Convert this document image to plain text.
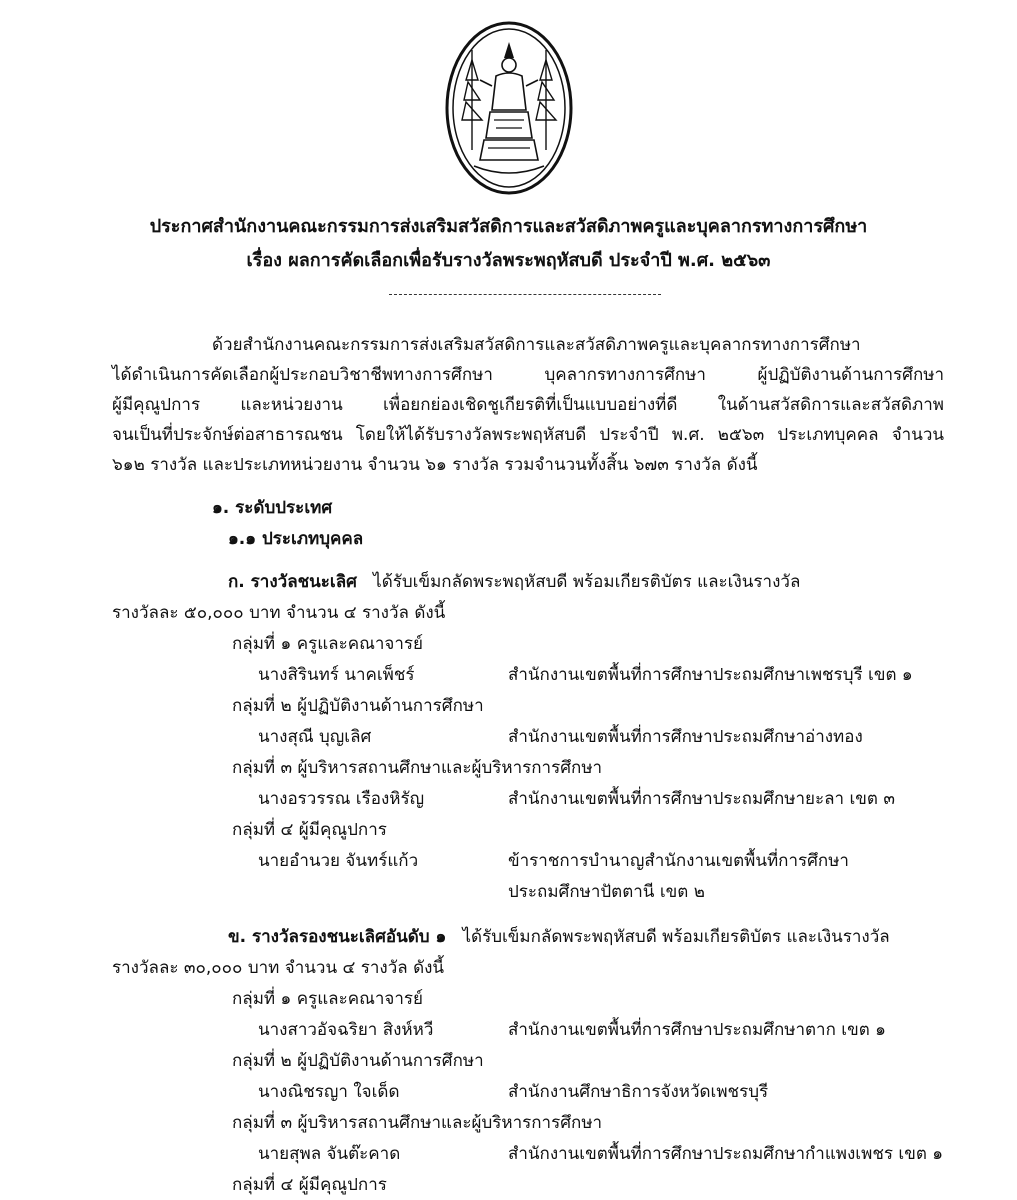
ประกาศสำนักงานคณะกรรมการส่งเสริมสวัสดิการและสวัสดิภาพครูและบุคลากรทางการศึกษา
เรื่อง ผลการคัดเลือกเพื่อรับรางวัลพระพฤหัสบดี ประจำปี พ.ศ. ๒๕๖๓
ด้วยสำนักงานคณะกรรมการส่งเสริมสวัสดิการและสวัสดิภาพครูและบุคลากรทางการศึกษา
ได้ดำเนินการคัดเลือกผู้ประกอบวิชาชีพทางการศึกษา บุคลากรทางการศึกษา ผู้ปฏิบัติงานด้านการศึกษา
ผู้มีคุณูปการ และหน่วยงาน เพื่อยกย่องเชิดชูเกียรติที่เป็นแบบอย่างที่ดี ในด้านสวัสดิการและสวัสดิภาพ
จนเป็นที่ประจักษ์ต่อสาธารณชน โดยให้ได้รับรางวัลพระพฤหัสบดี ประจำปี พ.ศ. ๒๕๖๓ ประเภทบุคคล จำนวน
๖๑๒ รางวัล และประเภทหน่วยงาน จำนวน ๖๑ รางวัล รวมจำนวนทั้งสิ้น ๖๗๓ รางวัล ดังนี้
๑. ระดับประเทศ
๑.๑ ประเภทบุคคล
ก. รางวัลชนะเลิศ ได้รับเข็มกลัดพระพฤหัสบดี พร้อมเกียรติบัตร และเงินรางวัล
รางวัลละ ๕๐,๐๐๐ บาท จำนวน ๔ รางวัล ดังนี้
กลุ่มที่ ๑ ครูและคณาจารย์
นางสิรินทร์ นาคเพ็ชร์	สำนักงานเขตพื้นที่การศึกษาประถมศึกษาเพชรบุรี เขต ๑
กลุ่มที่ ๒ ผู้ปฏิบัติงานด้านการศึกษา
นางสุณี บุญเลิศ	สำนักงานเขตพื้นที่การศึกษาประถมศึกษาอ่างทอง
กลุ่มที่ ๓ ผู้บริหารสถานศึกษาและผู้บริหารการศึกษา
นางอรวรรณ เรืองหิรัญ	สำนักงานเขตพื้นที่การศึกษาประถมศึกษายะลา เขต ๓
กลุ่มที่ ๔ ผู้มีคุณูปการ
นายอำนวย จันทร์แก้ว	ข้าราชการบำนาญสำนักงานเขตพื้นที่การศึกษา
ประถมศึกษาปัตตานี เขต ๒
ข. รางวัลรองชนะเลิศอันดับ ๑ ได้รับเข็มกลัดพระพฤหัสบดี พร้อมเกียรติบัตร และเงินรางวัล
รางวัลละ ๓๐,๐๐๐ บาท จำนวน ๔ รางวัล ดังนี้
กลุ่มที่ ๑ ครูและคณาจารย์
นางสาวอัจฉริยา สิงห์หวี	สำนักงานเขตพื้นที่การศึกษาประถมศึกษาตาก เขต ๑
กลุ่มที่ ๒ ผู้ปฏิบัติงานด้านการศึกษา
นางณิชรญา ใจเด็ด	สำนักงานศึกษาธิการจังหวัดเพชรบุรี
กลุ่มที่ ๓ ผู้บริหารสถานศึกษาและผู้บริหารการศึกษา
นายสุพล จันต๊ะคาด	สำนักงานเขตพื้นที่การศึกษาประถมศึกษากำแพงเพชร เขต ๑
กลุ่มที่ ๔ ผู้มีคุณูปการ
